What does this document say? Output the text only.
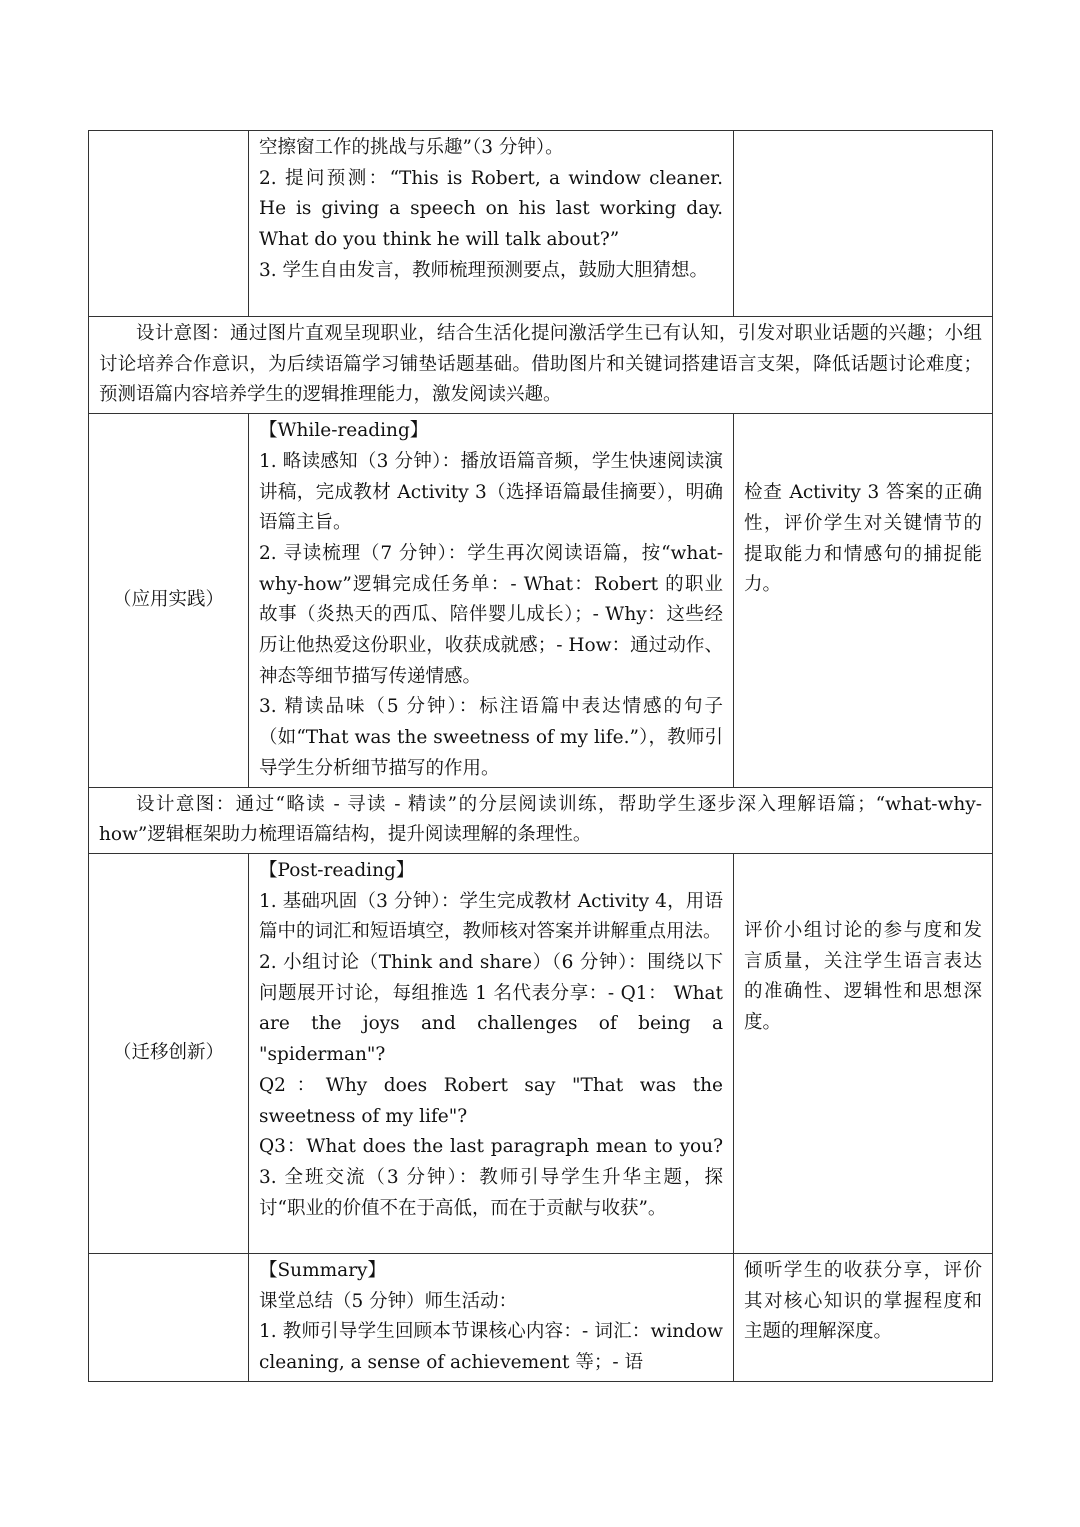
	空擦窗工作的挑战与乐趣”（3 分钟）。
2. 提问预测：“This is Robert, a window cleaner. He is giving a speech on his last working day. What do you think he will talk about?”
3. 学生自由发言，教师梳理预测要点，鼓励大胆猜想。	

设计意图：通过图片直观呈现职业，结合生活化提问激活学生已有认知，引发对职业话题的兴趣；小组讨论培养合作意识，为后续语篇学习铺垫话题基础。借助图片和关键词搭建语言支架，降低话题讨论难度；预测语篇内容培养学生的逻辑推理能力，激发阅读兴趣。		
（应用实践）	【While-reading】
1. 略读感知（3 分钟）：播放语篇音频，学生快速阅读演讲稿，完成教材 Activity 3（选择语篇最佳摘要），明确语篇主旨。
2. 寻读梳理（7 分钟）：学生再次阅读语篇，按“what-why-how”逻辑完成任务单：- What：Robert 的职业故事（炎热天的西瓜、陪伴婴儿成长）；- Why：这些经历让他热爱这份职业，收获成就感；- How：通过动作、神态等细节描写传递情感。
3. 精读品味（5 分钟）：标注语篇中表达情感的句子（如“That was the sweetness of my life.”），教师引导学生分析细节描写的作用。	检查 Activity 3 答案的正确性，评价学生对关键情节的提取能力和情感句的捕捉能力。
设计意图：通过“略读 - 寻读 - 精读”的分层阅读训练，帮助学生逐步深入理解语篇；“what-why-how”逻辑框架助力梳理语篇结构，提升阅读理解的条理性。		
（迁移创新）	【Post-reading】
1. 基础巩固（3 分钟）：学生完成教材 Activity 4，用语篇中的词汇和短语填空，教师核对答案并讲解重点用法。
2. 小组讨论（Think and share）（6 分钟）：围绕以下问题展开讨论，每组推选 1 名代表分享：- Q1： What are the joys and challenges of being a "spiderman"?
Q2：Why does Robert say "That was the sweetness of my life"?
Q3：What does the last paragraph mean to you?3. 全班交流（3 分钟）：教师引导学生升华主题，探讨“职业的价值不在于高低，而在于贡献与收获”。	评价小组讨论的参与度和发言质量，关注学生语言表达的准确性、逻辑性和思想深度。

	【Summary】
课堂总结（5 分钟）师生活动：
1. 教师引导学生回顾本节课核心内容：- 词汇：window cleaning, a sense of achievement 等；- 语	倾听学生的收获分享，评价其对核心知识的掌握程度和主题的理解深度。
